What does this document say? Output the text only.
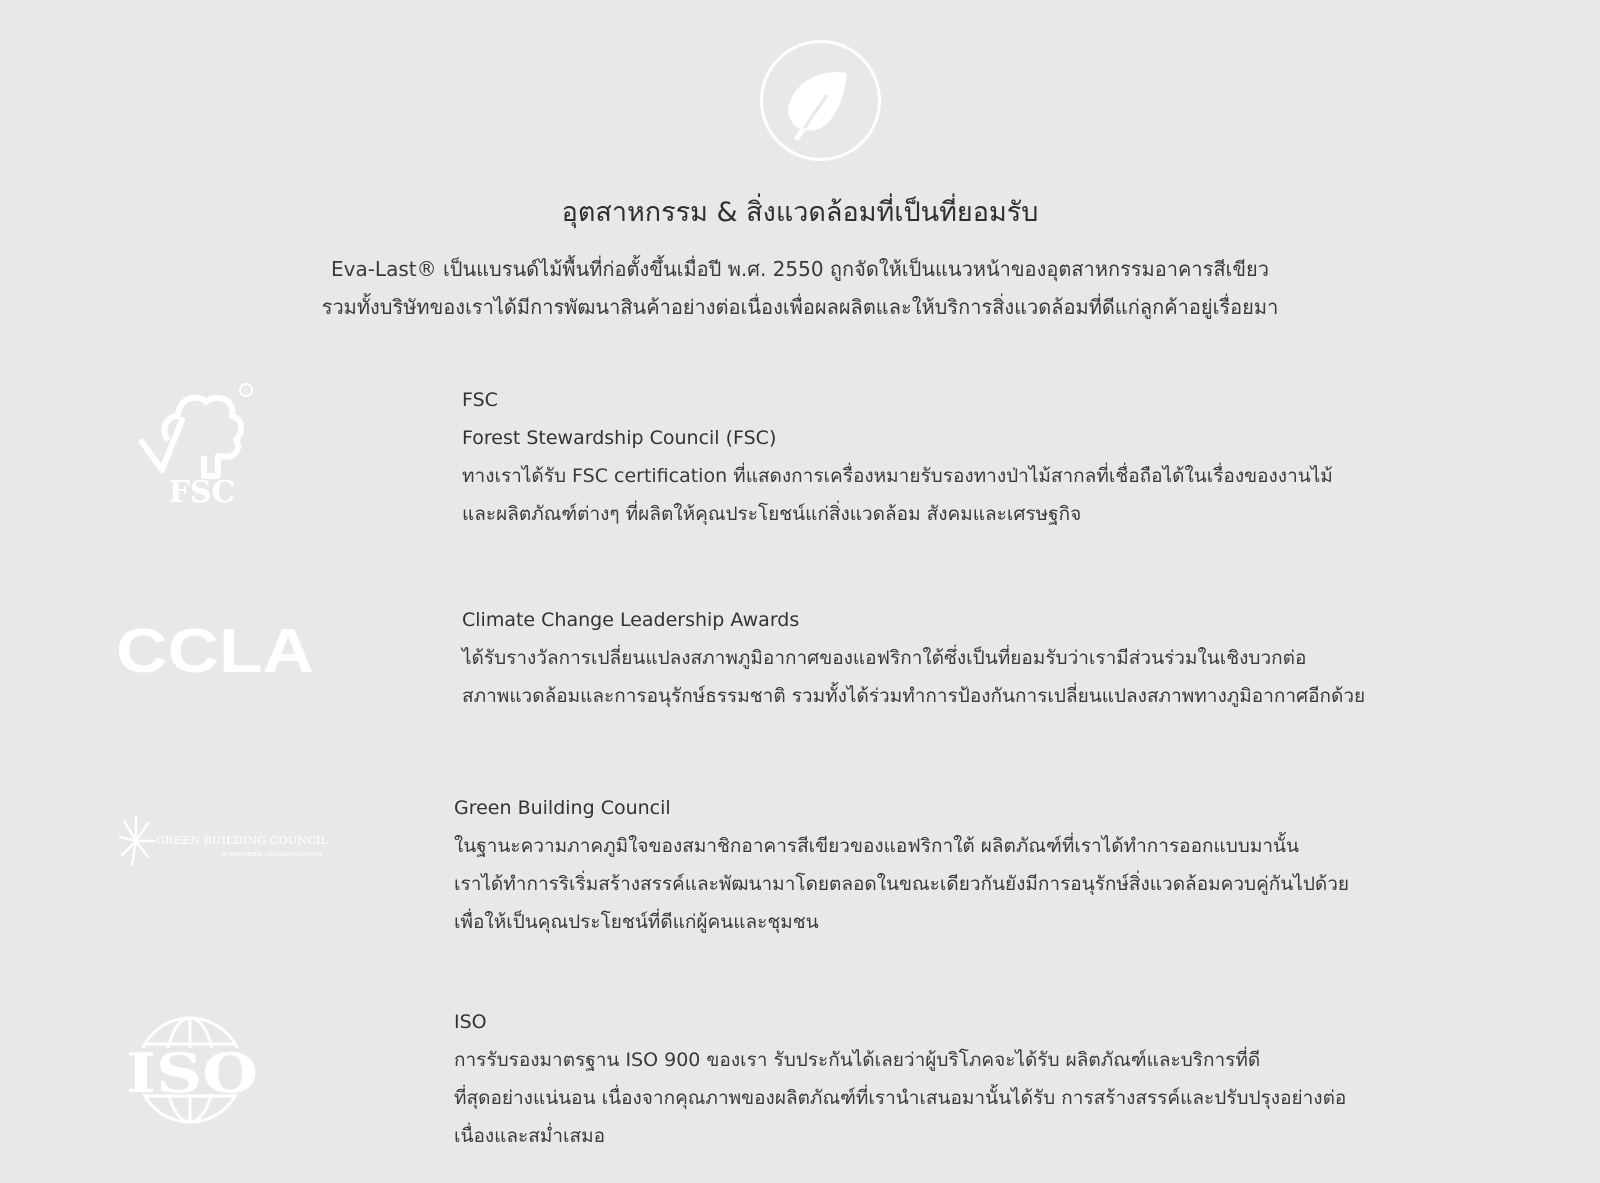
อุตสาหกรรม & สิ่งแวดล้อมที่เป็นที่ยอมรับ

Eva-Last® เป็นแบรนด์ไม้พื้นที่ก่อตั้งขึ้นเมื่อปี พ.ศ. 2550 ถูกจัดให้เป็นแนวหน้าของอุตสาหกรรมอาคารสีเขียว

รวมทั้งบริษัทของเราได้มีการพัฒนาสินค้าอย่างต่อเนื่องเพื่อผลผลิตและให้บริการสิ่งแวดล้อมที่ดีแก่ลูกค้าอยู่เรื่อยมา

c
FSC

FSC

Forest Stewardship Council (FSC)

ทางเราได้รับ FSC certification ที่แสดงการเครื่องหมายรับรองทางป่าไม้สากลที่เชื่อถือได้ในเรื่องของงานไม้

และผลิตภัณฑ์ต่างๆ ที่ผลิตให้คุณประโยชน์แก่สิ่งแวดล้อม สังคมและเศรษฐกิจ

CCLA	Climate Change Leadership Awards

ได้รับรางวัลการเปลี่ยนแปลงสภาพภูมิอากาศของแอฟริกาใต้ซึ่งเป็นที่ยอมรับว่าเรามีส่วนร่วมในเชิงบวกต่อ

สภาพแวดล้อมและการอนุรักษ์ธรรมชาติ รวมทั้งได้ร่วมทำการป้องกันการเปลี่ยนแปลงสภาพทางภูมิอากาศอีกด้วย

GREEN BUILDING COUNCIL
A MEMBER ORGANISATION

Green Building Council

ในฐานะความภาคภูมิใจของสมาชิกอาคารสีเขียวของแอฟริกาใต้ ผลิตภัณฑ์ที่เราได้ทำการออกแบบมานั้น

เราได้ทำการริเริ่มสร้างสรรค์และพัฒนามาโดยตลอดในขณะเดียวกันยังมีการอนุรักษ์สิ่งแวดล้อมควบคู่กันไปด้วย

เพื่อให้เป็นคุณประโยชน์ที่ดีแก่ผู้คนและชุมชน

ISO

ISO

การรับรองมาตรฐาน ISO 900 ของเรา รับประกันได้เลยว่าผู้บริโภคจะได้รับ ผลิตภัณฑ์และบริการที่ดี

ที่สุดอย่างแน่นอน เนื่องจากคุณภาพของผลิตภัณฑ์ที่เรานำเสนอมานั้นได้รับ การสร้างสรรค์และปรับปรุงอย่างต่อ

เนื่องและสม่ำเสมอ
